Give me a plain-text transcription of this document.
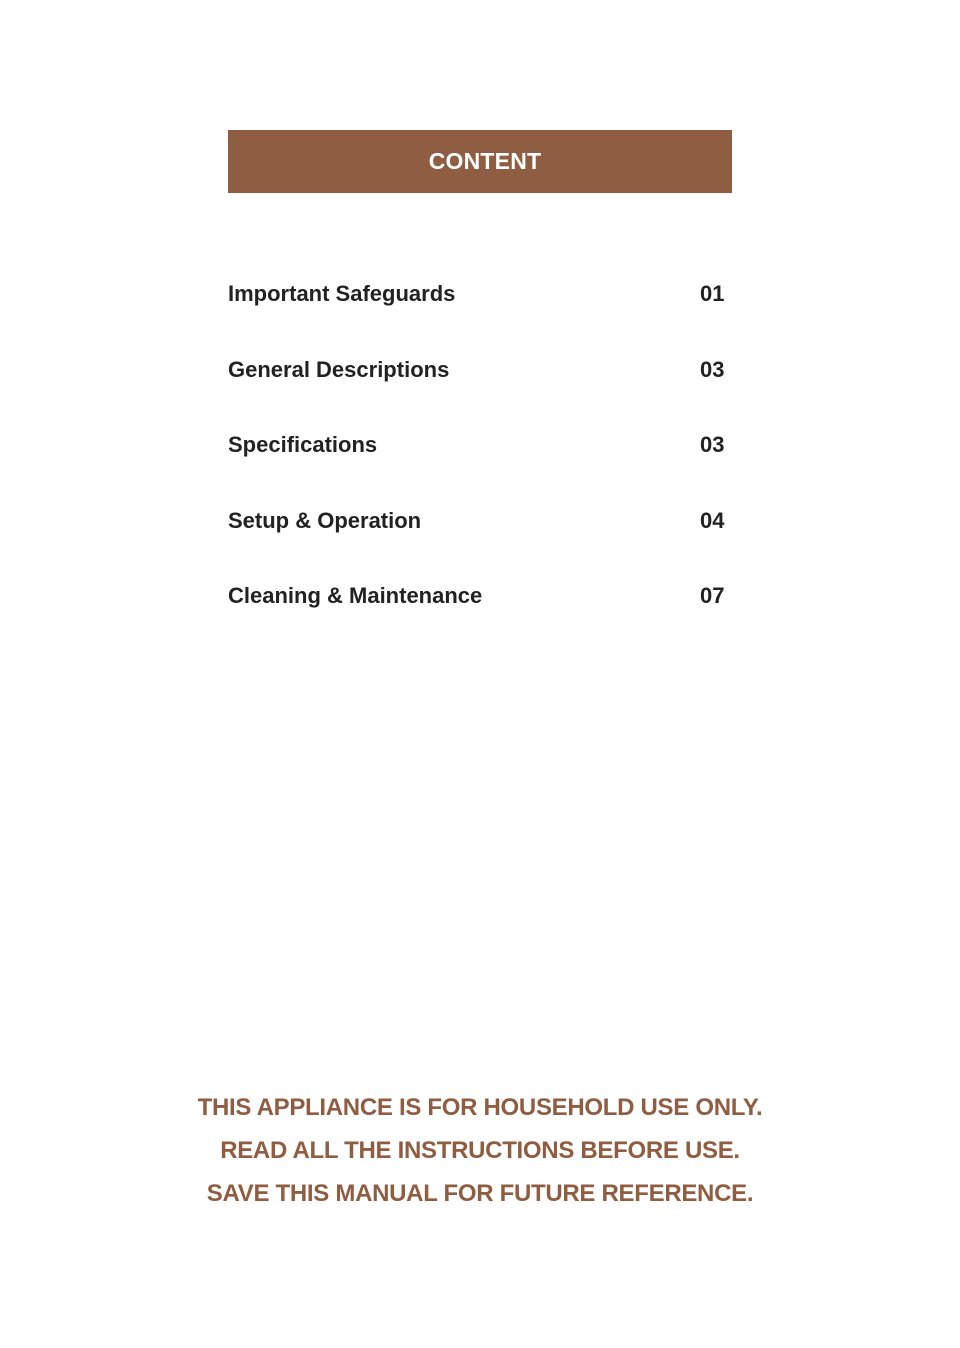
CONTENT
Important Safeguards	01
General Descriptions	03
Specifications	03
Setup & Operation	04
Cleaning & Maintenance	07
THIS APPLIANCE IS FOR HOUSEHOLD USE ONLY.
READ ALL THE INSTRUCTIONS BEFORE USE.
SAVE THIS MANUAL FOR FUTURE REFERENCE.
